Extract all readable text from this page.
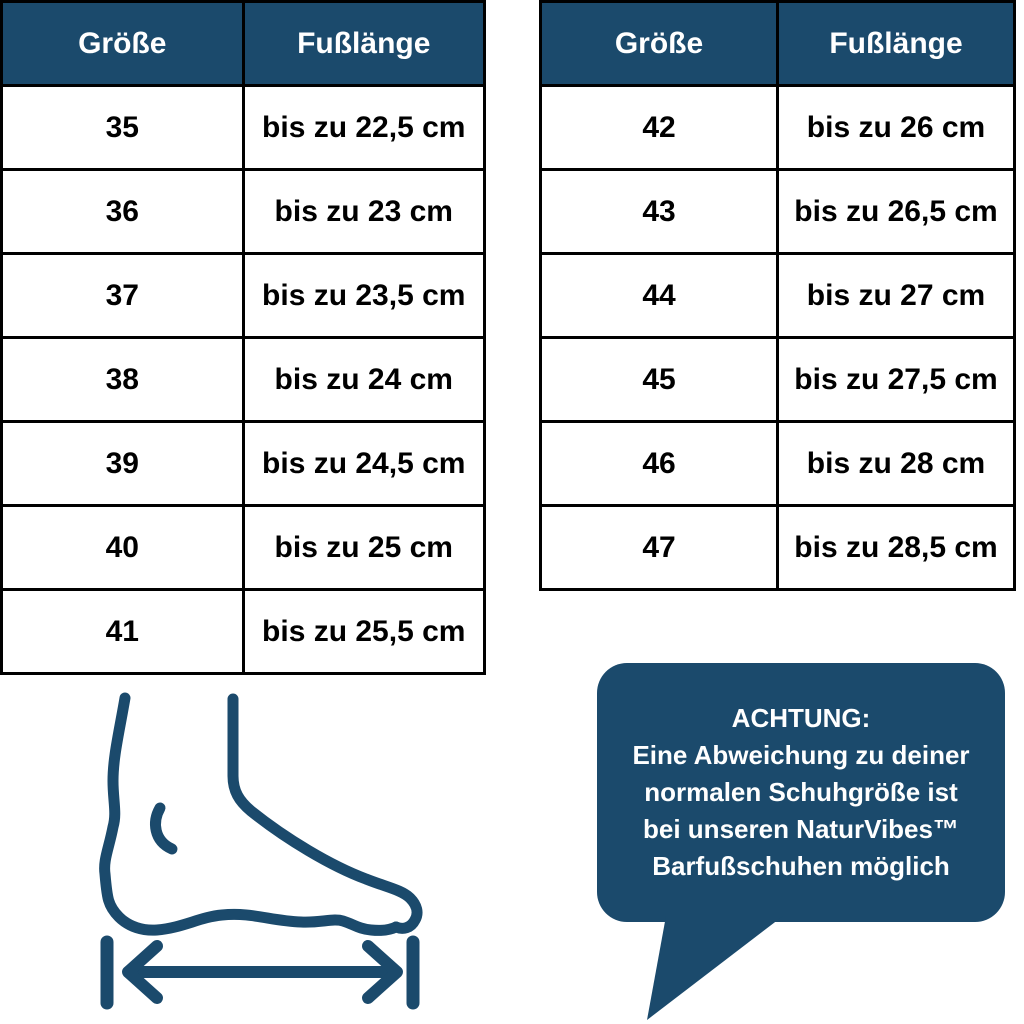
Größe	Fußlänge
35	bis zu 22,5 cm
36	bis zu 23 cm
37	bis zu 23,5 cm
38	bis zu 24 cm
39	bis zu 24,5 cm
40	bis zu 25 cm
41	bis zu 25,5 cm
Größe	Fußlänge
42	bis zu 26 cm
43	bis zu 26,5 cm
44	bis zu 27 cm
45	bis zu 27,5 cm
46	bis zu 28 cm
47	bis zu 28,5 cm
ACHTUNG:
Eine Abweichung zu deiner
normalen Schuhgröße ist
bei unseren NaturVibes™
Barfußschuhen möglich
